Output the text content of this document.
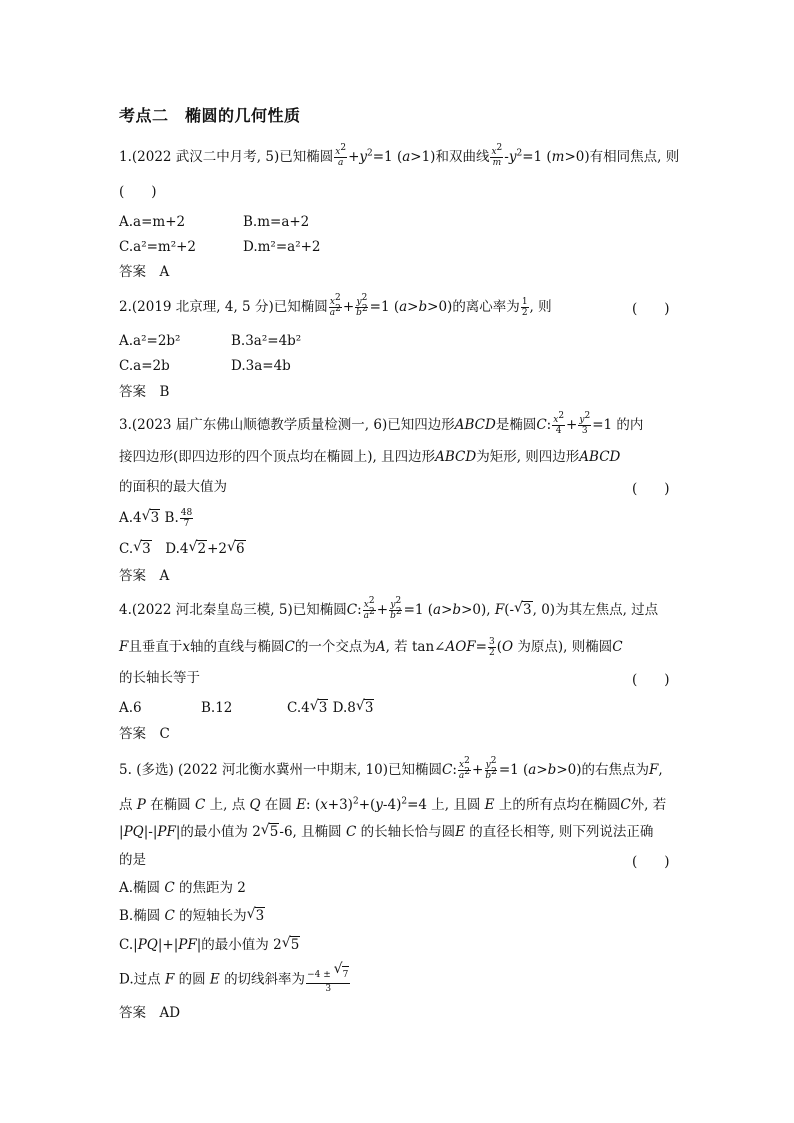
考点二　椭圆的几何性质
1.(2022 武汉二中月考, 5)已知椭圆 $\frac{x^2}{a} +y^2=1$ (a>1)和双曲线 $\frac{x^2}{m} -y^2=1$ (m>0)有相同焦点, 则
(　　)
A.a=m+2	B.m=a+2
C.a²=m²+2	D.m²=a²+2
答案　 A
2.(2019 北京理, 4, 5 分)已知椭圆 $\frac{x^2}{a^2} + \frac{y^2}{b^2} =1$ (a>b>0)的离心率为 $\frac{1}{2}$ , 则	(　　)
A.a²=2b²	B.3a²=4b²
C.a=2b	D.3a=4b
答案　 B
3.(2023 届广东佛山顺德教学质量检测一, 6)已知四边形ABCD是椭圆C: $\frac{x^2}{4} + \frac{y^2}{3} =1$ 的内
接四边形(即四边形的四个顶点均在椭圆上), 且四边形ABCD为矩形, 则四边形ABCD
的面积的最大值为	(　　)
A.4 √ 3 B. $\frac{48}{7}$
C. √ 3　D.4 √ 2+2 √ 6
答案　 A
4.(2022 河北秦皇岛三模, 5)已知椭圆C: $\frac{x^2}{a^2} + \frac{y^2}{b^2} =1$ (a>b>0), F(- √ 3, 0)为其左焦点, 过点
F且垂直于x轴的直线与椭圆C的一个交点为A, 若 tan∠AOF= $\frac{3}{2} (O$ 为原点), 则椭圆C
的长轴长等于	(　　)
A.6	B.12	C.4 √ 3 D.8 √ 3
答案　 C
5. (多选) (2022 河北衡水冀州一中期末, 10)已知椭圆C: $\frac{x^2}{a^2} + \frac{y^2}{b^2} =1$ (a>b>0)的右焦点为F,
点 P 在椭圆 C 上, 点 Q 在圆 E: $(x+3)^2+(y-4)^2=4$ 上, 且圆 E 上的所有点均在椭圆C外, 若
|PQ|-|PF|的最小值为 2 √ 5-6, 且椭圆 C 的长轴长恰与圆E 的直径长相等, 则下列说法正确
的是	(　　)
A.椭圆 C 的焦距为 2
B.椭圆 C 的短轴长为 √ 3
C.|PQ|+|PF|的最小值为 2 √ 5
D.过点 F 的圆 E 的切线斜率为 $\frac{-4 \pm √ 7}{3}$
答案　 AD
